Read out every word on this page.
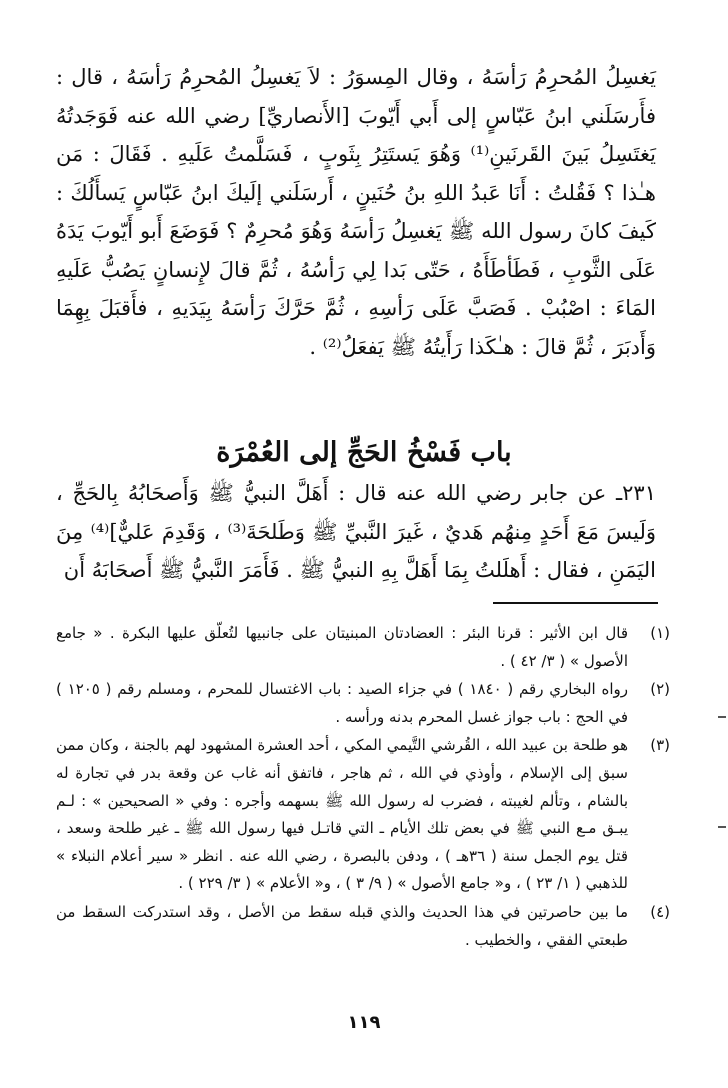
يَغسِلُ المُحرِمُ رَأسَهُ ، وقال المِسوَرُ : لاَ يَغسِلُ المُحرِمُ رَأسَهُ ، قال : فأَرسَلَني ابنُ عَبّاسٍ إلى أَبي أَيّوبَ [الأَنصاريِّ] رضي الله عنه فَوَجَدتُهُ يَغتَسِلُ بَينَ القَرنَينِ⁽¹⁾ وَهُوَ يَستَتِرُ بِثَوبٍ ، فَسَلَّمتُ عَلَيهِ . فَقَالَ : مَن هـٰذا ؟ فَقُلتُ : أَنَا عَبدُ اللهِ بنُ حُنَينٍ ، أَرسَلَني إلَيكَ ابنُ عَبّاسٍ يَسأَلُكَ : كَيفَ كانَ رسول الله ﷺ يَغسِلُ رَأسَهُ وَهُوَ مُحرِمٌ ؟ فَوَضَعَ أَبو أَيّوبَ يَدَهُ عَلَى الثَّوبِ ، فَطَأطَأَهُ ، حَتّى بَدا لِي رَأسُهُ ، ثُمَّ قالَ لإِنسانٍ يَصُبُّ عَلَيهِ المَاءَ : اصْبُبْ . فَصَبَّ عَلَى رَأسِهِ ، ثُمَّ حَرَّكَ رَأسَهُ بِيَدَيهِ ، فأَقبَلَ بِهِمَا وَأَدبَرَ ، ثُمَّ قالَ : هـٰكَذا رَأَيتُهُ ﷺ يَفعَلُ⁽²⁾ .

باب فَسْخُ الحَجِّ إلى العُمْرَة

٢٣١ـ عن جابر رضي الله عنه قال : أَهَلَّ النبيُّ ﷺ وَأَصحَابُهُ بِالحَجِّ ، وَلَيسَ مَعَ أَحَدٍ مِنهُم هَديٌ ، غَيرَ النَّبيِّ ﷺ وَطَلحَةَ⁽³⁾ ، وَقَدِمَ عَليٌّ]⁽⁴⁾ مِنَ اليَمَنِ ، فقال : أَهلَلتُ بِمَا أَهَلَّ بِهِ النبيُّ ﷺ . فَأَمَرَ النَّبيُّ ﷺ أَصحَابَهُ أَن

(١)
قال ابن الأثير : قرنا البئر : العضادتان المبنيتان على جانبيها لتُعلّق عليها البكرة . « جامع الأصول » ( ٣/ ٤٢ ) .
(٢)
رواه البخاري رقم ( ١٨٤٠ ) في جزاء الصيد : باب الاغتسال للمحرم ، ومسلم رقم ( ١٢٠٥ ) في الحج : باب جواز غسل المحرم بدنه ورأسه .
(٣)
هو طلحة بن عبيد الله ، القُرشي التَّيمي المكي ، أحد العشرة المشهود لهم بالجنة ، وكان ممن سبق إلى الإسلام ، وأوذي في الله ، ثم هاجر ، فاتفق أنه غاب عن وقعة بدر في تجارة له بالشام ، وتألم لغيبته ، فضرب له رسول الله ﷺ بسهمه وأجره : وفي « الصحيحين » : لـم يبـق مـع النبي ﷺ في بعض تلك الأيام ـ التي قاتـل فيها رسول الله ﷺ ـ غير طلحة وسعد ، قتل يوم الجمل سنة ( ٣٦هـ ) ، ودفن بالبصرة ، رضي الله عنه . انظر « سير أعلام النبلاء » للذهبي ( ١/ ٢٣ ) ، و« جامع الأصول » ( ٩/ ٣ ) ، و« الأعلام » ( ٣/ ٢٢٩ ) .
(٤)
ما بين حاصرتين في هذا الحديث والذي قبله سقط من الأصل ، وقد استدركت السقط من طبعتي الفقي ، والخطيب .
١١٩
